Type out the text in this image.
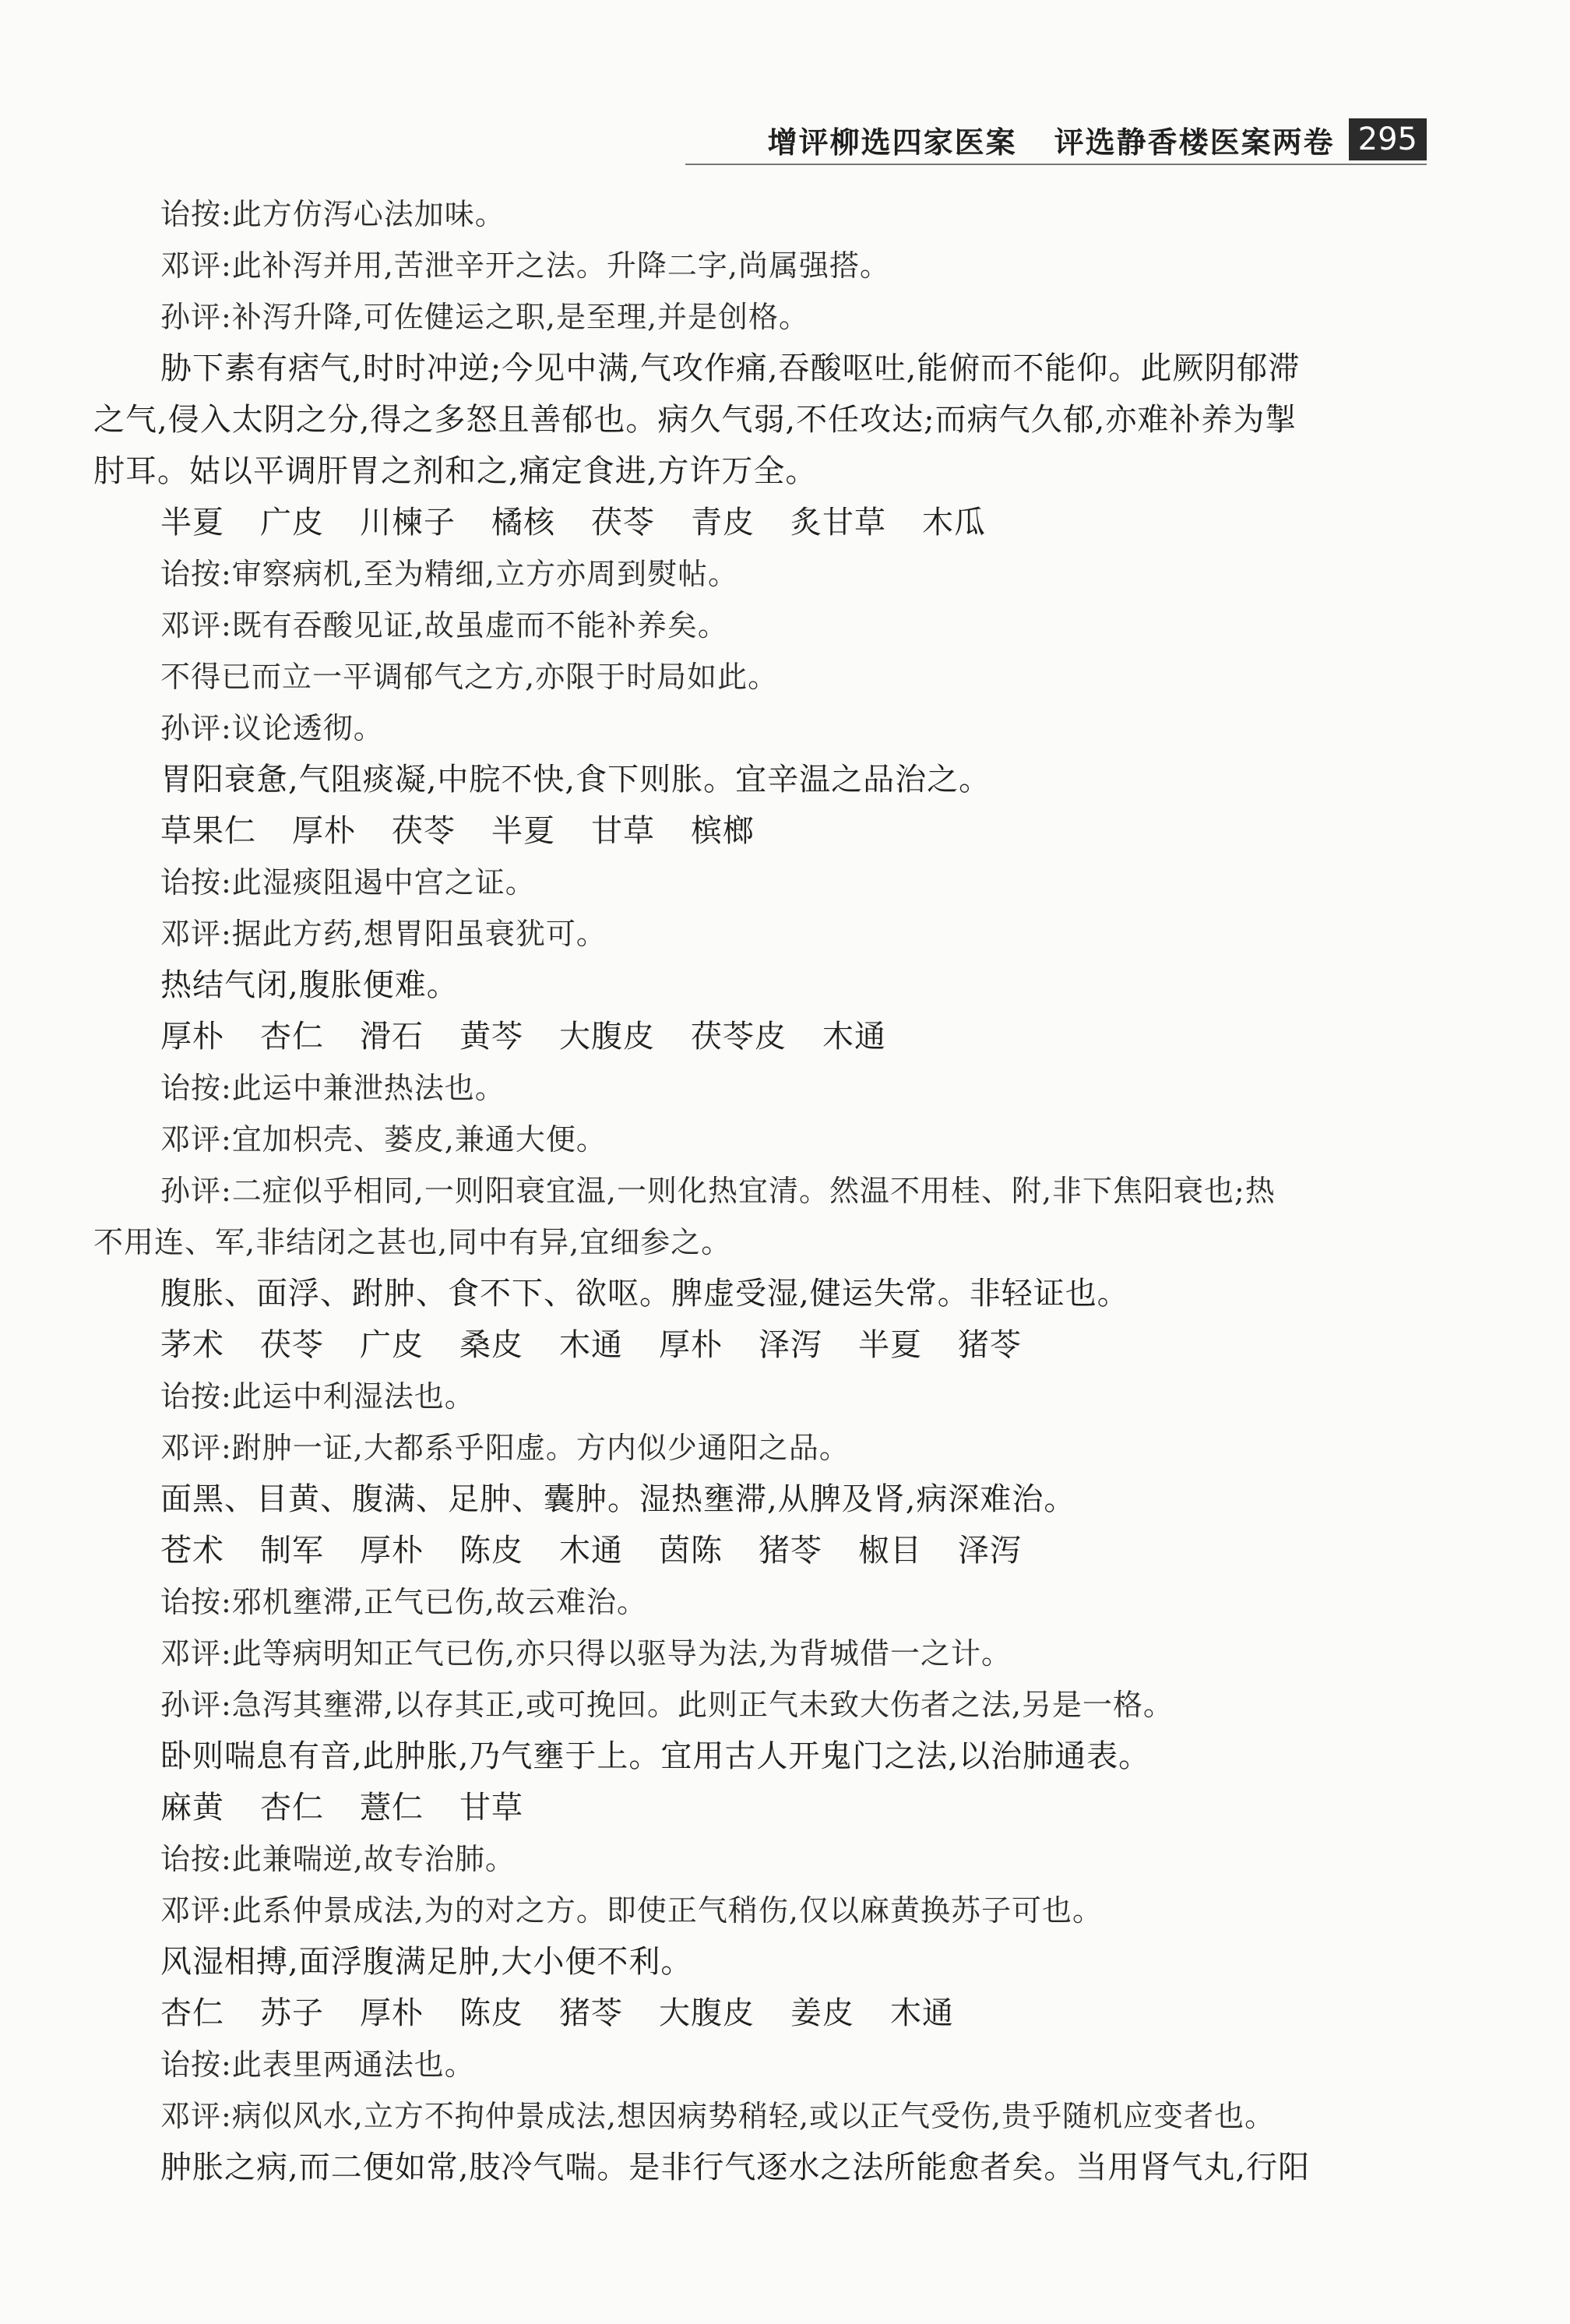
增评柳选四家医案 评选静香楼医案两卷 295
诒按:此方仿泻心法加味。
邓评:此补泻并用,苦泄辛开之法。升降二字,尚属强搭。
孙评:补泻升降,可佐健运之职,是至理,并是创格。
胁下素有痞气,时时冲逆;今见中满,气攻作痛,吞酸呕吐,能俯而不能仰。此厥阴郁滞
之气,侵入太阴之分,得之多怒且善郁也。病久气弱,不任攻达;而病气久郁,亦难补养为掣
肘耳。姑以平调肝胃之剂和之,痛定食进,方许万全。
半夏 广皮 川楝子 橘核 茯苓 青皮 炙甘草 木瓜
诒按:审察病机,至为精细,立方亦周到熨帖。
邓评:既有吞酸见证,故虽虚而不能补养矣。
不得已而立一平调郁气之方,亦限于时局如此。
孙评:议论透彻。
胃阳衰惫,气阻痰凝,中脘不快,食下则胀。宜辛温之品治之。
草果仁 厚朴 茯苓 半夏 甘草 槟榔
诒按:此湿痰阻遏中宫之证。
邓评:据此方药,想胃阳虽衰犹可。
热结气闭,腹胀便难。
厚朴 杏仁 滑石 黄芩 大腹皮 茯苓皮 木通
诒按:此运中兼泄热法也。
邓评:宜加枳壳、蒌皮,兼通大便。
孙评:二症似乎相同,一则阳衰宜温,一则化热宜清。然温不用桂、附,非下焦阳衰也;热
不用连、军,非结闭之甚也,同中有异,宜细参之。
腹胀、面浮、跗肿、食不下、欲呕。脾虚受湿,健运失常。非轻证也。
茅术 茯苓 广皮 桑皮 木通 厚朴 泽泻 半夏 猪苓
诒按:此运中利湿法也。
邓评:跗肿一证,大都系乎阳虚。方内似少通阳之品。
面黑、目黄、腹满、足肿、囊肿。湿热壅滞,从脾及肾,病深难治。
苍术 制军 厚朴 陈皮 木通 茵陈 猪苓 椒目 泽泻
诒按:邪机壅滞,正气已伤,故云难治。
邓评:此等病明知正气已伤,亦只得以驱导为法,为背城借一之计。
孙评:急泻其壅滞,以存其正,或可挽回。此则正气未致大伤者之法,另是一格。
卧则喘息有音,此肿胀,乃气壅于上。宜用古人开鬼门之法,以治肺通表。
麻黄 杏仁 薏仁 甘草
诒按:此兼喘逆,故专治肺。
邓评:此系仲景成法,为的对之方。即使正气稍伤,仅以麻黄换苏子可也。
风湿相搏,面浮腹满足肿,大小便不利。
杏仁 苏子 厚朴 陈皮 猪苓 大腹皮 姜皮 木通
诒按:此表里两通法也。
邓评:病似风水,立方不拘仲景成法,想因病势稍轻,或以正气受伤,贵乎随机应变者也。
肿胀之病,而二便如常,肢冷气喘。是非行气逐水之法所能愈者矣。当用肾气丸,行阳
